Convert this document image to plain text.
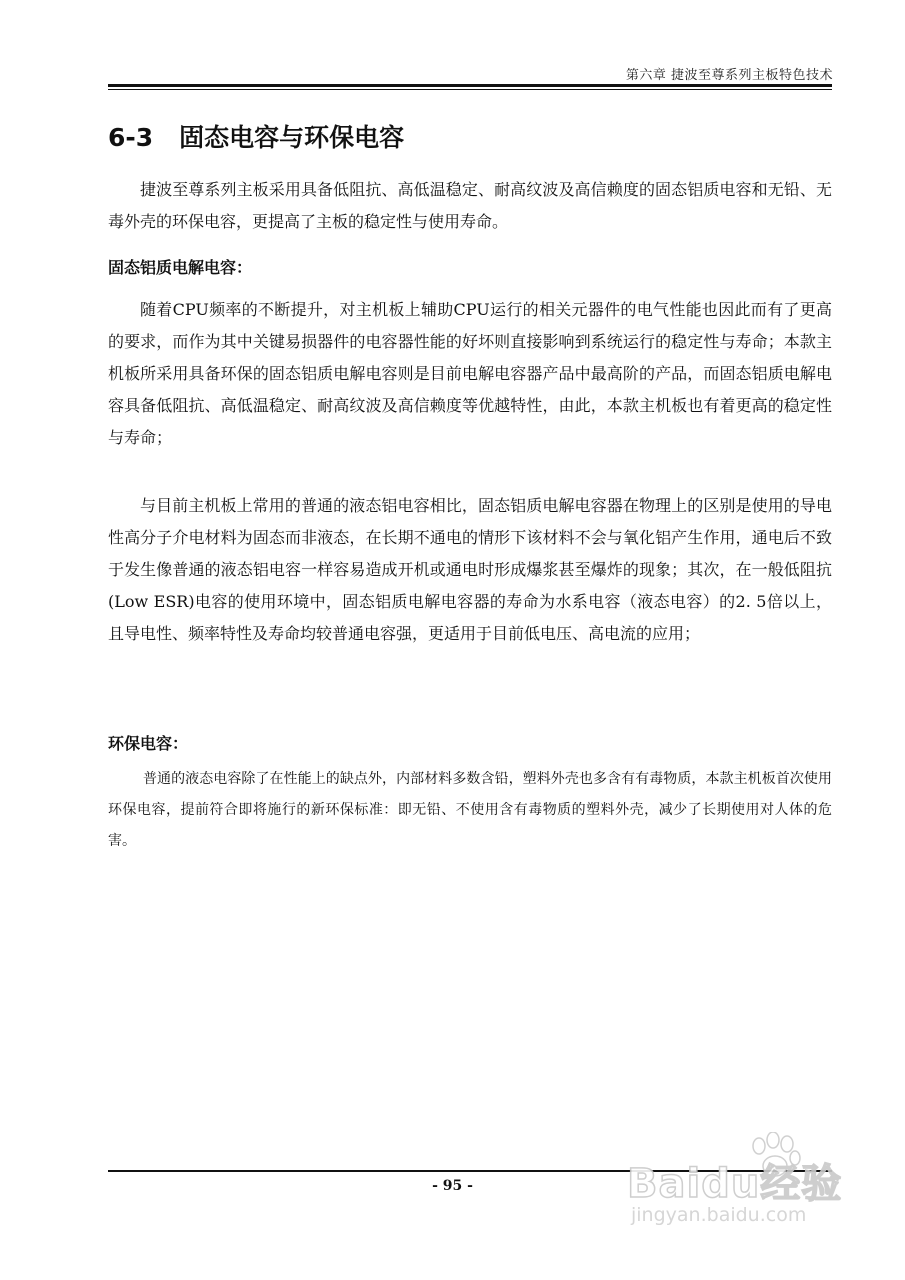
第六章 捷波至尊系列主板特色技术
6-3 固态电容与环保电容

捷波至尊系列主板采用具备低阻抗、高低温稳定、耐高纹波及高信赖度的固态铝质电容和无铅、无毒外壳的环保电容，更提高了主板的稳定性与使用寿命。

固态铝质电解电容：

随着CPU频率的不断提升，对主机板上辅助CPU运行的相关元器件的电气性能也因此而有了更高的要求，而作为其中关键易损器件的电容器性能的好坏则直接影响到系统运行的稳定性与寿命；本款主机板所采用具备环保的固态铝质电解电容则是目前电解电容器产品中最高阶的产品，而固态铝质电解电容具备低阻抗、高低温稳定、耐高纹波及高信赖度等优越特性，由此，本款主机板也有着更高的稳定性与寿命；

与目前主机板上常用的普通的液态铝电容相比，固态铝质电解电容器在物理上的区别是使用的导电性高分子介电材料为固态而非液态，在长期不通电的情形下该材料不会与氧化铝产生作用，通电后不致于发生像普通的液态铝电容一样容易造成开机或通电时形成爆浆甚至爆炸的现象；其次，在一般低阻抗 (Low ESR)电容的使用环境中，固态铝质电解电容器的寿命为水系电容（液态电容）的2. 5倍以上，且导电性、频率特性及寿命均较普通电容强，更适用于目前低电压、高电流的应用；

环保电容：

普通的液态电容除了在性能上的缺点外，内部材料多数含铅，塑料外壳也多含有有毒物质，本款主机板首次使用环保电容，提前符合即将施行的新环保标准：即无铅、不使用含有毒物质的塑料外壳，减少了长期使用对人体的危害。

- 95 -	Baidu经验
jingyan.baidu.com
